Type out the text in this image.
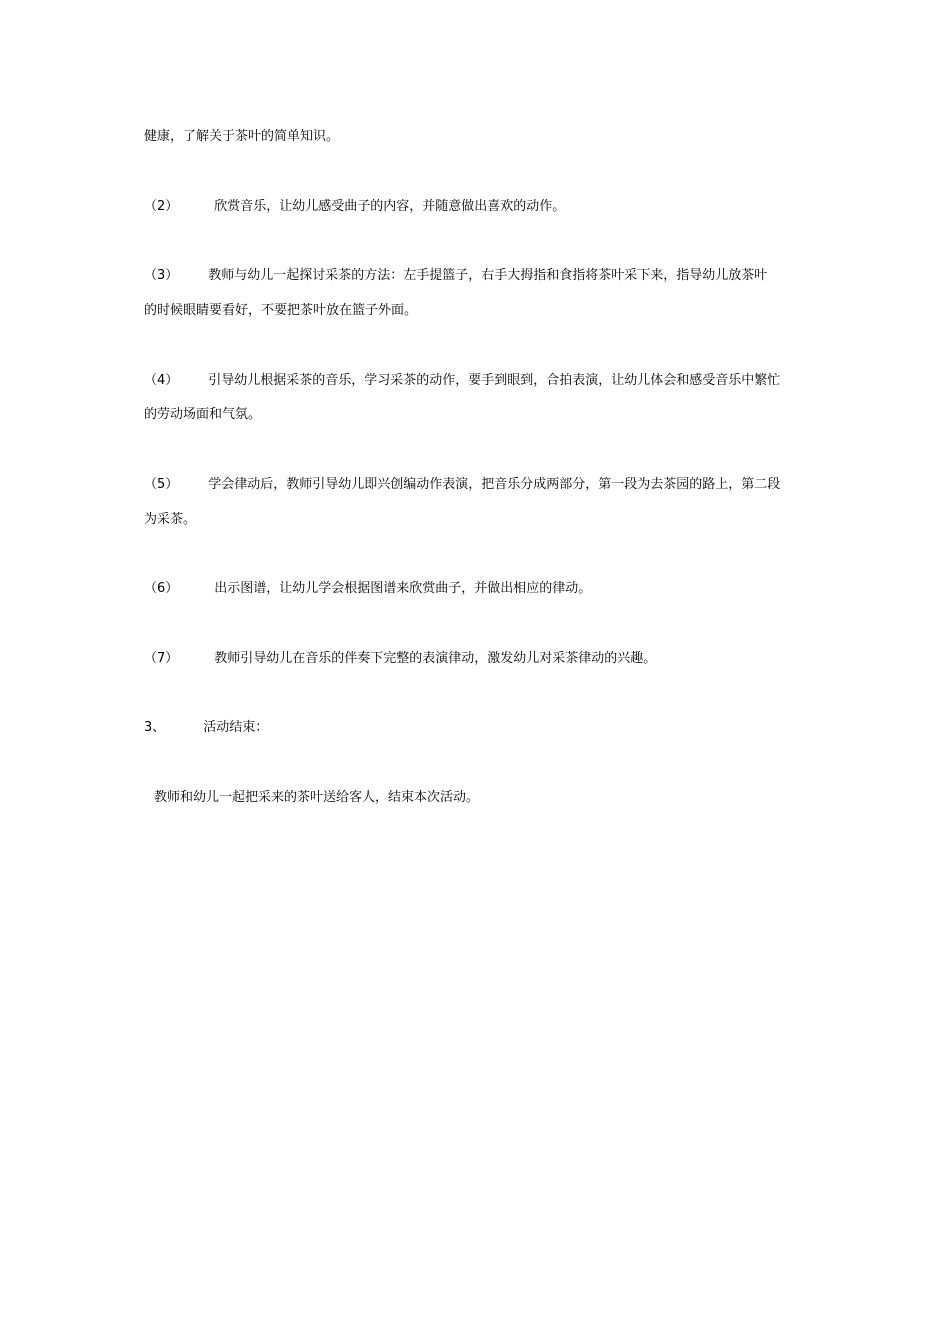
健康，了解关于茶叶的简单知识。
（2）	欣赏音乐，让幼儿感受曲子的内容，并随意做出喜欢的动作。
（3） 教师与幼儿一起探讨采茶的方法：左手提篮子，右手大拇指和食指将茶叶采下来，指导幼儿放茶叶
的时候眼睛要看好，不要把茶叶放在篮子外面。
（4） 引导幼儿根据采茶的音乐，学习采茶的动作，要手到眼到，合拍表演，让幼儿体会和感受音乐中繁忙
的劳动场面和气氛。
（5） 学会律动后，教师引导幼儿即兴创编动作表演，把音乐分成两部分，第一段为去茶园的路上，第二段
为采茶。
（6）	出示图谱，让幼儿学会根据图谱来欣赏曲子，并做出相应的律动。
（7）	教师引导幼儿在音乐的伴奏下完整的表演律动，激发幼儿对采茶律动的兴趣。
3、	活动结束：
教师和幼儿一起把采来的茶叶送给客人，结束本次活动。
